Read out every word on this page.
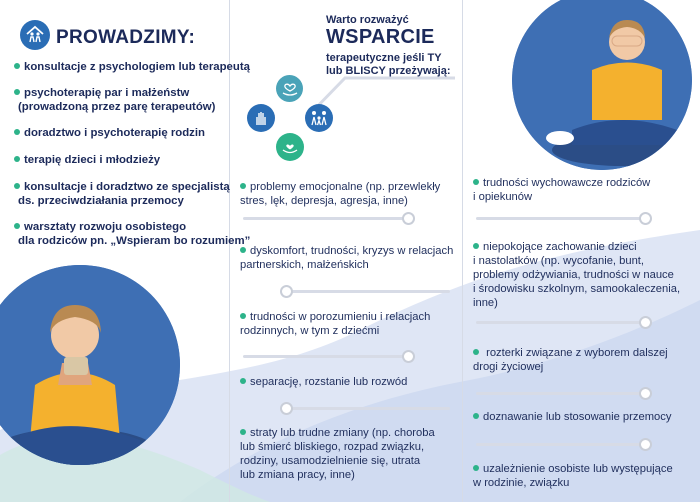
PROWADZIMY:
konsultacje z psychologiem lub terapeutą
psychoterapię par i małżeństw
(prowadzoną przez parę terapeutów)
doradztwo i psychoterapię rodzin
terapię dzieci i młodzieży
konsultacje i doradztwo ze specjalistą
ds. przeciwdziałania przemocy
warsztaty rozwoju osobistego
dla rodziców pn. „Wspieram bo rozumiem”
Warto rozważyć
WSPARCIE
terapeutyczne jeśli TY
lub BLISCY przeżywają:
problemy emocjonalne (np. przewlekły
stres, lęk, depresja, agresja, inne)
dyskomfort, trudności, kryzys w relacjach
partnerskich, małżeńskich
trudności w porozumieniu i relacjach
rodzinnych, w tym z dziećmi
separację, rozstanie lub rozwód
straty lub trudne zmiany (np. choroba
lub śmierć bliskiego, rozpad związku,
rodziny, usamodzielnienie się, utrata
lub zmiana pracy, inne)
trudności wychowawcze rodziców
i opiekunów
niepokojące zachowanie dzieci
i nastolatków (np. wycofanie, bunt,
problemy odżywiania, trudności w nauce
i środowisku szkolnym, samookaleczenia,
inne)
rozterki związane z wyborem dalszej
drogi życiowej
doznawanie lub stosowanie przemocy
uzależnienie osobiste lub występujące
w rodzinie, związku
